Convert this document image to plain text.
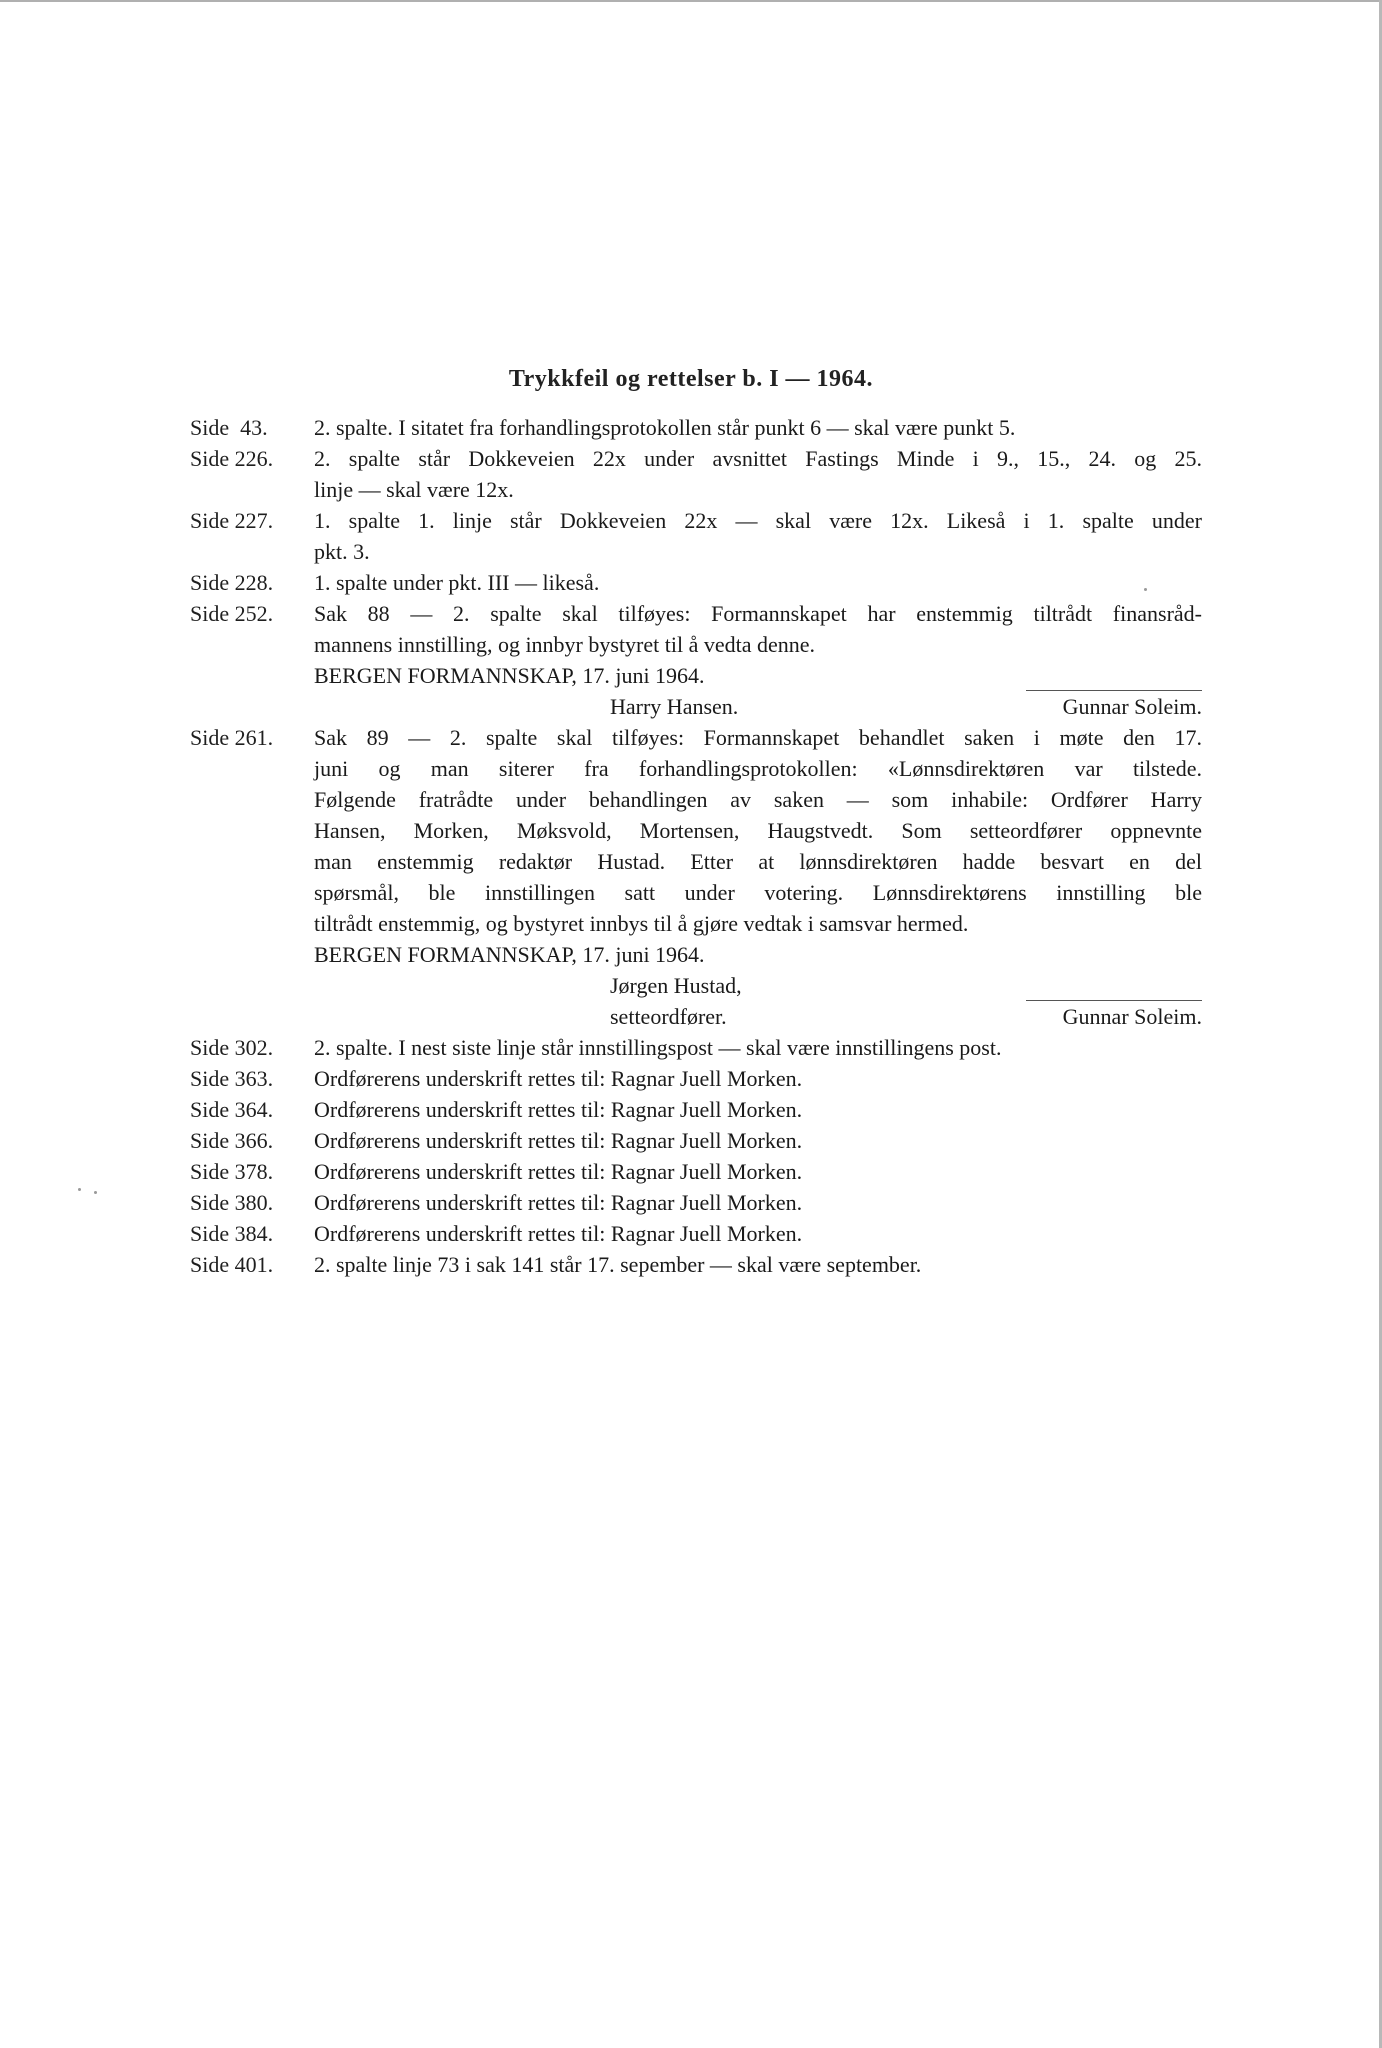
Trykkfeil og rettelser b. I — 1964.
Side  43. 2. spalte. I sitatet fra forhandlingsprotokollen står punkt 6 — skal være punkt 5.
Side 226. 2. spalte står Dokkeveien 22x under avsnittet Fastings Minde i 9., 15., 24. og 25.
linje — skal være 12x.
Side 227. 1. spalte 1. linje står Dokkeveien 22x — skal være 12x. Likeså i 1. spalte under
pkt. 3.
Side 228. 1. spalte under pkt. III — likeså.
Side 252. Sak 88 — 2. spalte skal tilføyes: Formannskapet har enstemmig tiltrådt finansråd-
mannens innstilling, og innbyr bystyret til å vedta denne.
BERGEN FORMANNSKAP, 17. juni 1964.
Harry Hansen.	Gunnar Soleim.
Side 261. Sak 89 — 2. spalte skal tilføyes: Formannskapet behandlet saken i møte den 17.
juni og man siterer fra forhandlingsprotokollen: «Lønnsdirektøren var tilstede.
Følgende fratrådte under behandlingen av saken — som inhabile: Ordfører Harry
Hansen, Morken, Møksvold, Mortensen, Haugstvedt. Som setteordfører oppnevnte
man enstemmig redaktør Hustad. Etter at lønnsdirektøren hadde besvart en del
spørsmål, ble innstillingen satt under votering. Lønnsdirektørens innstilling ble
tiltrådt enstemmig, og bystyret innbys til å gjøre vedtak i samsvar hermed.
BERGEN FORMANNSKAP, 17. juni 1964.
Jørgen Hustad,
setteordfører.	Gunnar Soleim.
Side 302. 2. spalte. I nest siste linje står innstillingspost — skal være innstillingens post.
Side 363. Ordførerens underskrift rettes til: Ragnar Juell Morken.
Side 364. Ordførerens underskrift rettes til: Ragnar Juell Morken.
Side 366. Ordførerens underskrift rettes til: Ragnar Juell Morken.
Side 378. Ordførerens underskrift rettes til: Ragnar Juell Morken.
Side 380. Ordførerens underskrift rettes til: Ragnar Juell Morken.
Side 384. Ordførerens underskrift rettes til: Ragnar Juell Morken.
Side 401. 2. spalte linje 73 i sak 141 står 17. sepember — skal være september.
